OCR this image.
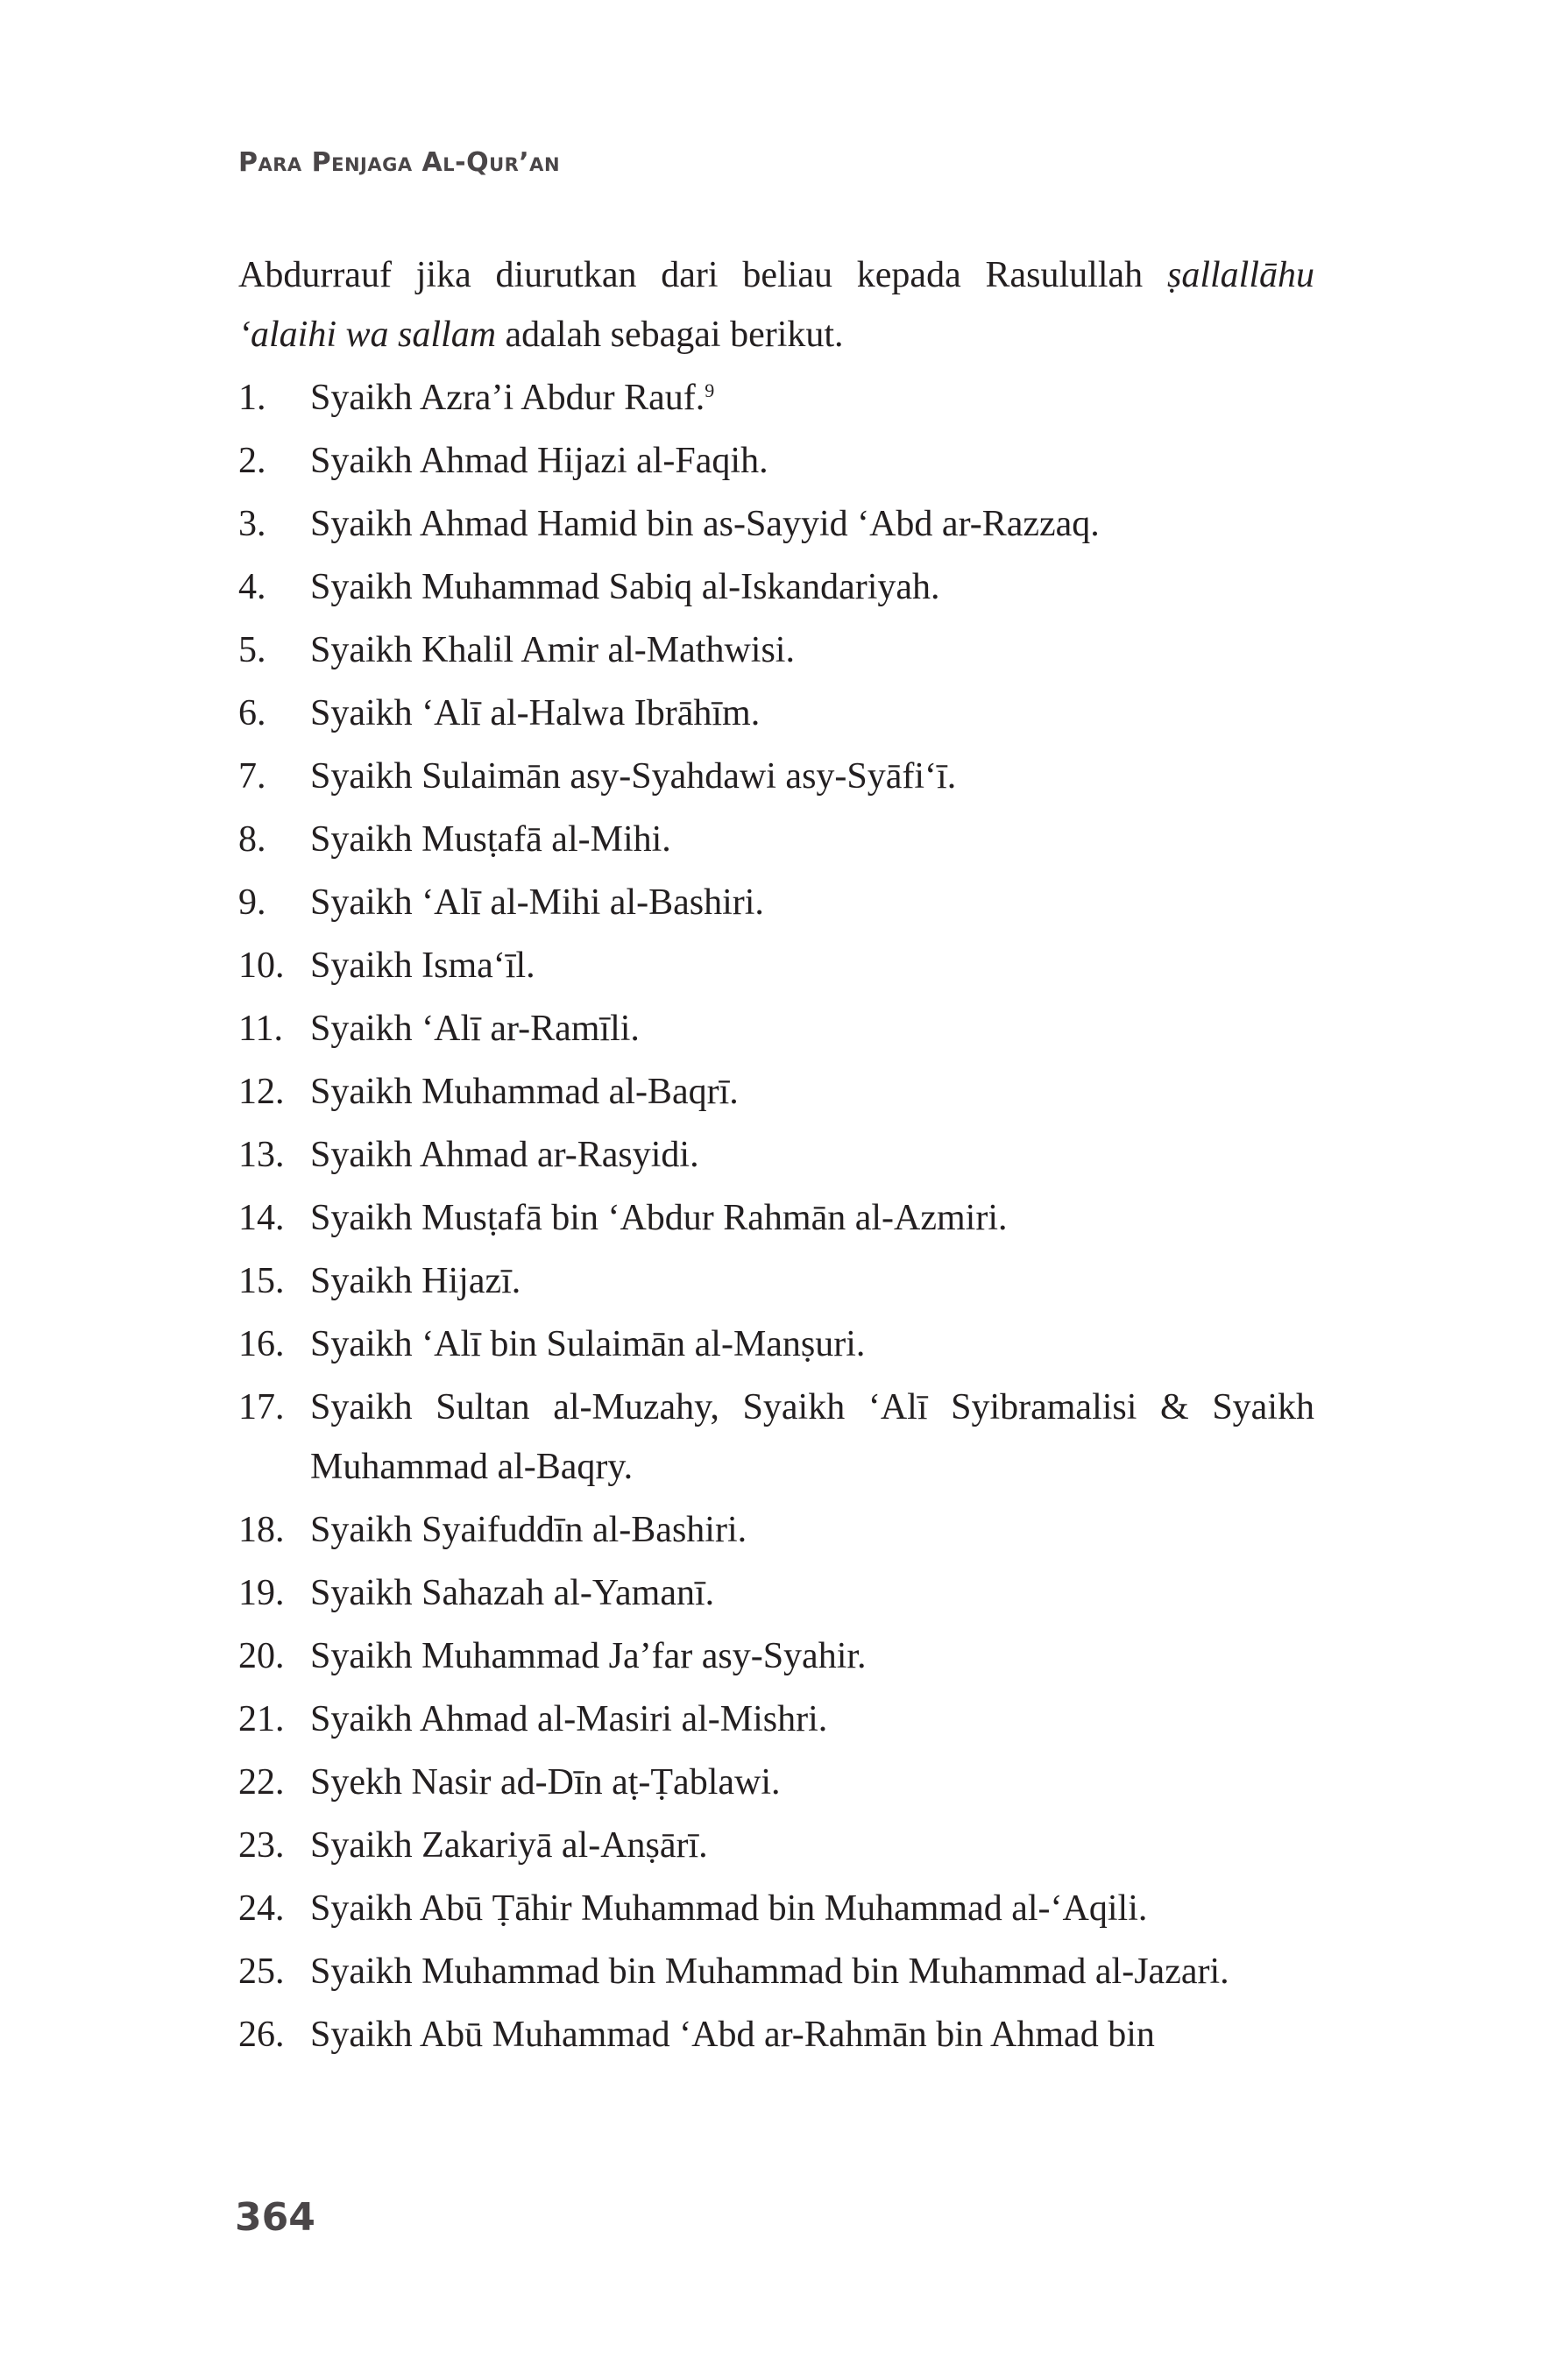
Para Penjaga Al-Qur’an

Abdurrauf jika diurutkan dari beliau kepada Rasulullah ṣallallāhu ‘alaihi wa sallam adalah sebagai berikut.

1.	Syaikh Azra’i Abdur Rauf.$^9$
2.	Syaikh Ahmad Hijazi al-Faqih.
3.	Syaikh Ahmad Hamid bin as-Sayyid ‘Abd ar-Razzaq.
4.	Syaikh Muhammad Sabiq al-Iskandariyah.
5.	Syaikh Khalil Amir al-Mathwisi.
6.	Syaikh ‘Alī al-Halwa Ibrāhīm.
7.	Syaikh Sulaimān asy-Syahdawi asy-Syāfi‘ī.
8.	Syaikh Musṭafā al-Mihi.
9.	Syaikh ‘Alī al-Mihi al-Bashiri.
10. Syaikh Isma‘īl.
11. Syaikh ‘Alī ar-Ramīli.
12. Syaikh Muhammad al-Baqrī.
13. Syaikh Ahmad ar-Rasyidi.
14. Syaikh Musṭafā bin ‘Abdur Rahmān al-Azmiri.
15. Syaikh Hijazī.
16. Syaikh ‘Alī bin Sulaimān al-Manṣuri.
17. Syaikh Sultan al-Muzahy, Syaikh ‘Alī Syibramalisi & Syaikh Muhammad al-Baqry.
18. Syaikh Syaifuddīn al-Bashiri.
19. Syaikh Sahazah al-Yamanī.
20. Syaikh Muhammad Ja’far asy-Syahir.
21. Syaikh Ahmad al-Masiri al-Mishri.
22. Syekh Nasir ad-Dīn aṭ-Ṭablawi.
23. Syaikh Zakariyā al-Anṣārī.
24. Syaikh Abū Ṭāhir Muhammad bin Muhammad al-‘Aqili.
25. Syaikh Muhammad bin Muhammad bin Muhammad al-Jazari.
26. Syaikh Abū Muhammad ‘Abd ar-Rahmān bin Ahmad bin
364
